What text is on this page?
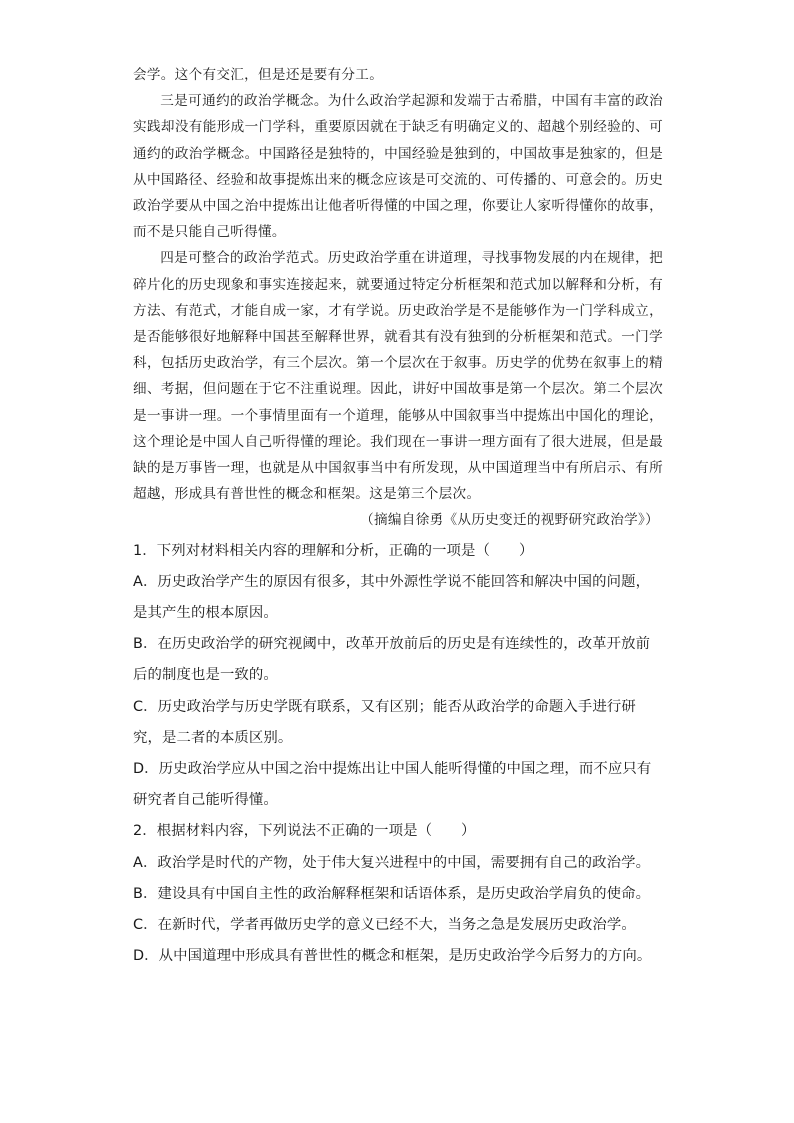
会学。这个有交汇，但是还是要有分工。

三是可通约的政治学概念。为什么政治学起源和发端于古希腊，中国有丰富的政治实践却没有能形成一门学科，重要原因就在于缺乏有明确定义的、超越个别经验的、可通约的政治学概念。中国路径是独特的，中国经验是独到的，中国故事是独家的，但是从中国路径、经验和故事提炼出来的概念应该是可交流的、可传播的、可意会的。历史政治学要从中国之治中提炼出让他者听得懂的中国之理，你要让人家听得懂你的故事，而不是只能自己听得懂。

四是可整合的政治学范式。历史政治学重在讲道理，寻找事物发展的内在规律，把碎片化的历史现象和事实连接起来，就要通过特定分析框架和范式加以解释和分析，有方法、有范式，才能自成一家，才有学说。历史政治学是不是能够作为一门学科成立，是否能够很好地解释中国甚至解释世界，就看其有没有独到的分析框架和范式。一门学科，包括历史政治学，有三个层次。第一个层次在于叙事。历史学的优势在叙事上的精细、考据，但问题在于它不注重说理。因此，讲好中国故事是第一个层次。第二个层次是一事讲一理。一个事情里面有一个道理，能够从中国叙事当中提炼出中国化的理论，这个理论是中国人自己听得懂的理论。我们现在一事讲一理方面有了很大进展，但是最缺的是万事皆一理，也就是从中国叙事当中有所发现，从中国道理当中有所启示、有所超越，形成具有普世性的概念和框架。这是第三个层次。

（摘编自徐勇《从历史变迁的视野研究政治学》）

1．下列对材料相关内容的理解和分析，正确的一项是（　　）

A．历史政治学产生的原因有很多，其中外源性学说不能回答和解决中国的问题，是其产生的根本原因。

B．在历史政治学的研究视阈中，改革开放前后的历史是有连续性的，改革开放前后的制度也是一致的。

C．历史政治学与历史学既有联系，又有区别；能否从政治学的命题入手进行研究，是二者的本质区别。

D．历史政治学应从中国之治中提炼出让中国人能听得懂的中国之理，而不应只有研究者自己能听得懂。

2．根据材料内容，下列说法不正确的一项是（　　）

A．政治学是时代的产物，处于伟大复兴进程中的中国，需要拥有自己的政治学。

B．建设具有中国自主性的政治解释框架和话语体系，是历史政治学肩负的使命。

C．在新时代，学者再做历史学的意义已经不大，当务之急是发展历史政治学。

D．从中国道理中形成具有普世性的概念和框架，是历史政治学今后努力的方向。
